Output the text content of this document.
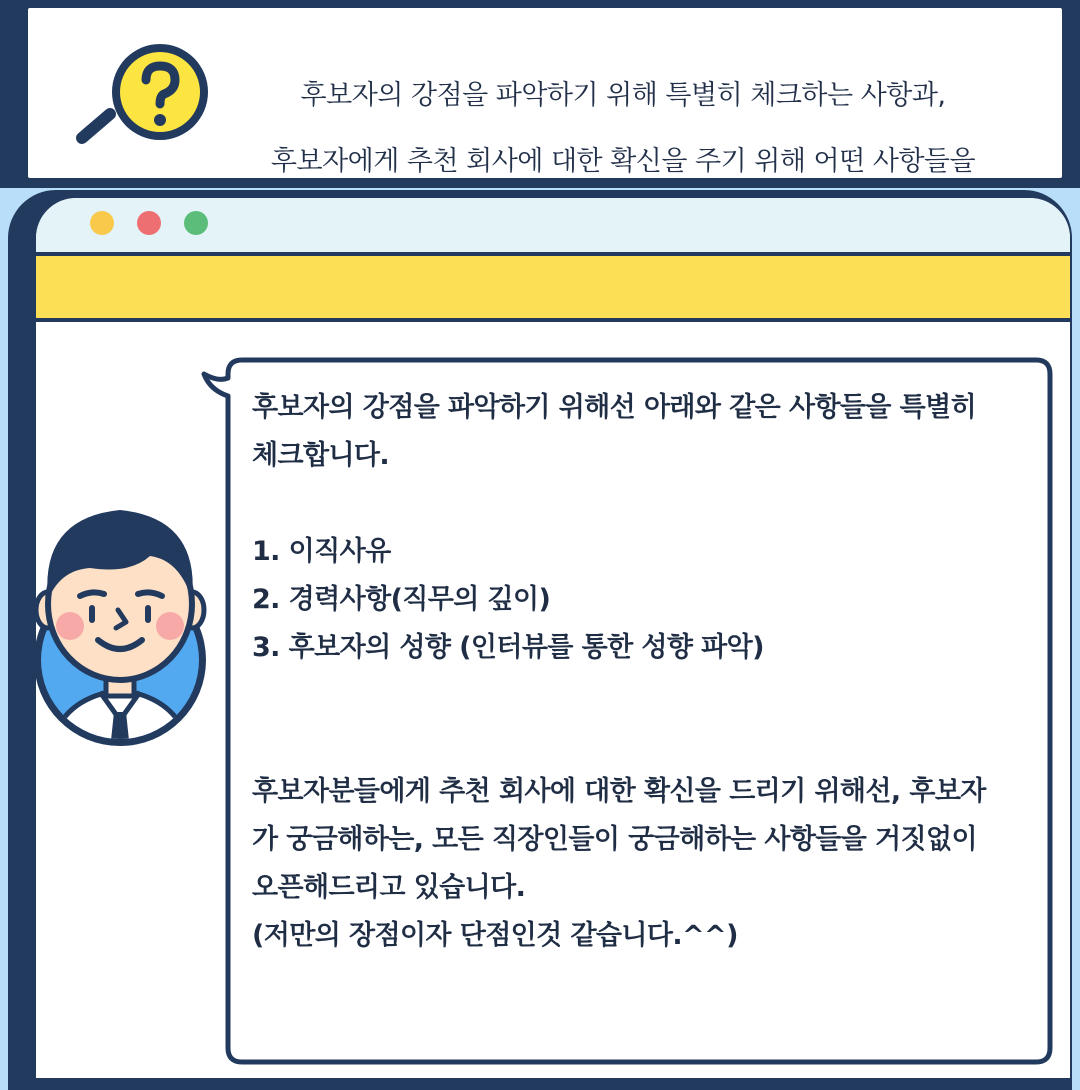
후보자의 강점을 파악하기 위해 특별히 체크하는 사항과,

후보자에게 추천 회사에 대한 확신을 주기 위해 어떤 사항들을

후보자의 강점을 파악하기 위해선 아래와 같은 사항들을 특별히
체크합니다.
1. 이직사유
2. 경력사항(직무의 깊이)
3. 후보자의 성향 (인터뷰를 통한 성향 파악)
후보자분들에게 추천 회사에 대한 확신을 드리기 위해선, 후보자
가 궁금해하는, 모든 직장인들이 궁금해하는 사항들을 거짓없이
오픈해드리고 있습니다.
(저만의 장점이자 단점인것 같습니다.^^)
